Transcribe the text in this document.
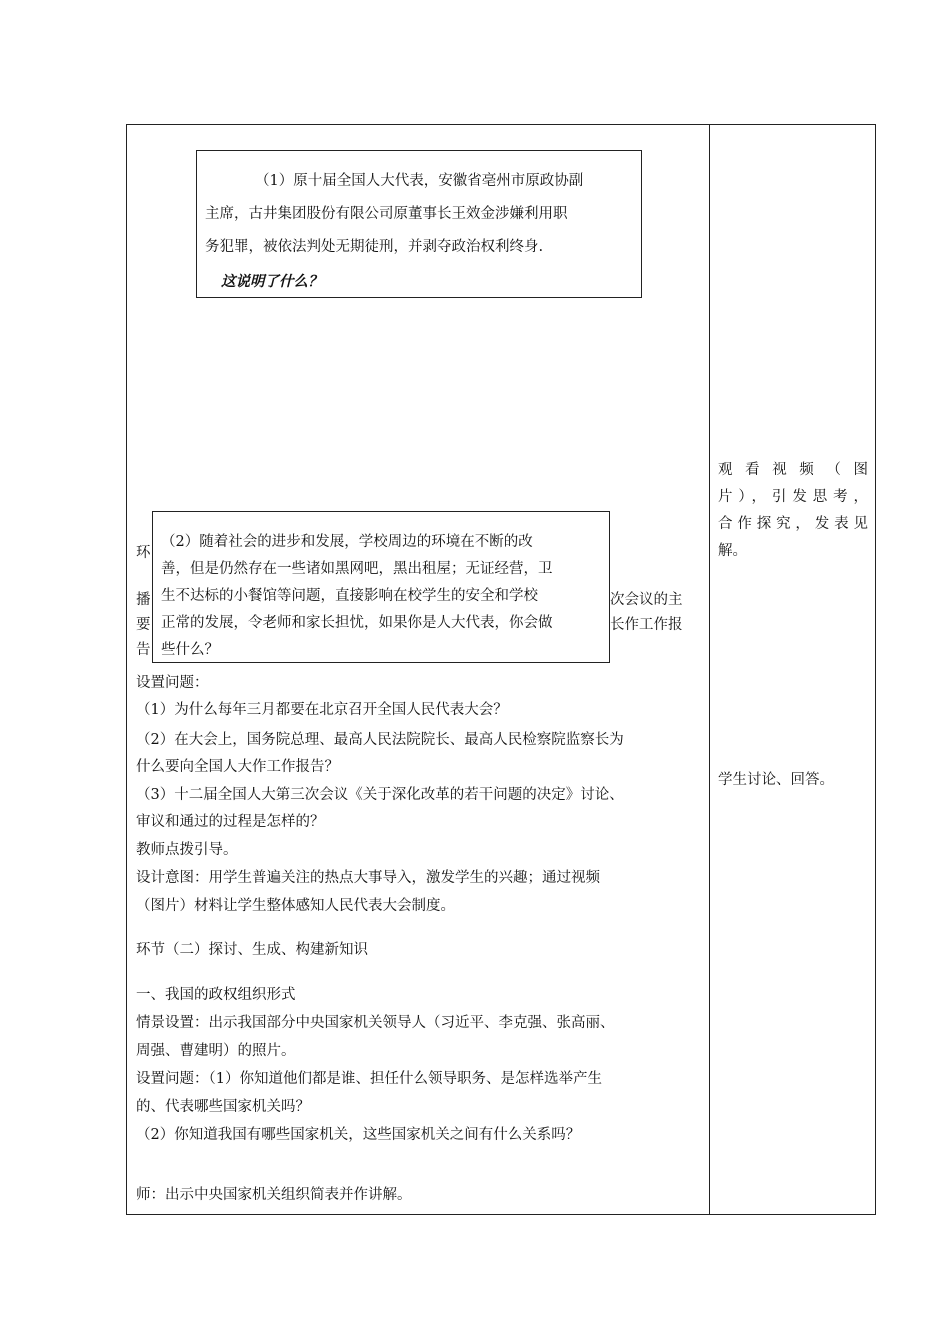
环
播	次会议的主
要	长作工作报
告
设置问题：
（1）为什么每年三月都要在北京召开全国人民代表大会？
（2）在大会上，国务院总理、最高人民法院院长、最高人民检察院监察长为
什么要向全国人大作工作报告？
（3）十二届全国人大第三次会议《关于深化改革的若干问题的决定》讨论、
审议和通过的过程是怎样的？
教师点拨引导。
设计意图：用学生普遍关注的热点大事导入，激发学生的兴趣；通过视频
（图片）材料让学生整体感知人民代表大会制度。
环节（二）探讨、生成、构建新知识
一、我国的政权组织形式
情景设置：出示我国部分中央国家机关领导人（习近平、李克强、张高丽、
周强、曹建明）的照片。
设置问题：（1）你知道他们都是谁、担任什么领导职务、是怎样选举产生
的、代表哪些国家机关吗？
（2）你知道我国有哪些国家机关，这些国家机关之间有什么关系吗？
师：出示中央国家机关组织简表并作讲解。
（1）原十届全国人大代表，安徽省亳州市原政协副
主席，古井集团股份有限公司原董事长王效金涉嫌利用职
务犯罪，被依法判处无期徒刑，并剥夺政治权利终身.
这说明了什么？
（2）随着社会的进步和发展，学校周边的环境在不断的改
善，但是仍然存在一些诸如黑网吧，黑出租屋；无证经营，卫
生不达标的小餐馆等问题，直接影响在校学生的安全和学校
正常的发展，令老师和家长担忧，如果你是人大代表，你会做
些什么？
观看视频（图
片），引发思考，
合作探究，发表见
解。
学生讨论、回答。
